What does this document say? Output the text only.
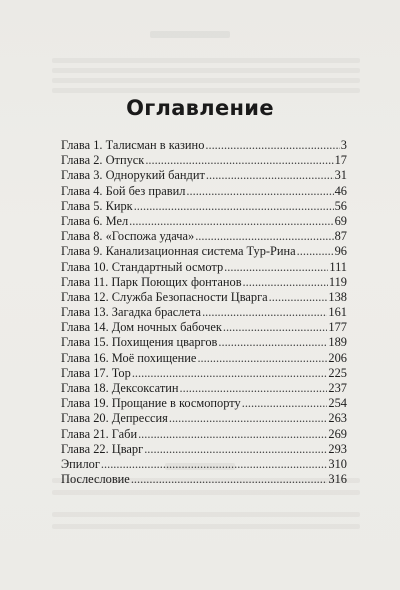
Оглавление
Глава 1. Талисман в казино .....	3
Глава 2. Отпуск .....	17
Глава 3. Однорукий бандит .....	31
Глава 4. Бой без правил .....	46
Глава 5. Кирк .....	56
Глава 6. Мел .....	69
Глава 8. «Госпожа удача» .....	87
Глава 9. Канализационная система Тур-Рина .....	96
Глава 10. Стандартный осмотр .....	111
Глава 11. Парк Поющих фонтанов .....	119
Глава 12. Служба Безопасности Цварга .....	138
Глава 13. Загадка браслета .....	161
Глава 14. Дом ночных бабочек .....	177
Глава 15. Похищения цваргов .....	189
Глава 16. Моё похищение .....	206
Глава 17. Тор .....	225
Глава 18. Дексоксатин .....	237
Глава 19. Прощание в космопорту .....	254
Глава 20. Депрессия .....	263
Глава 21. Габи .....	269
Глава 22. Цварг .....	293
Эпилог .....	310
Послесловие .....	316
